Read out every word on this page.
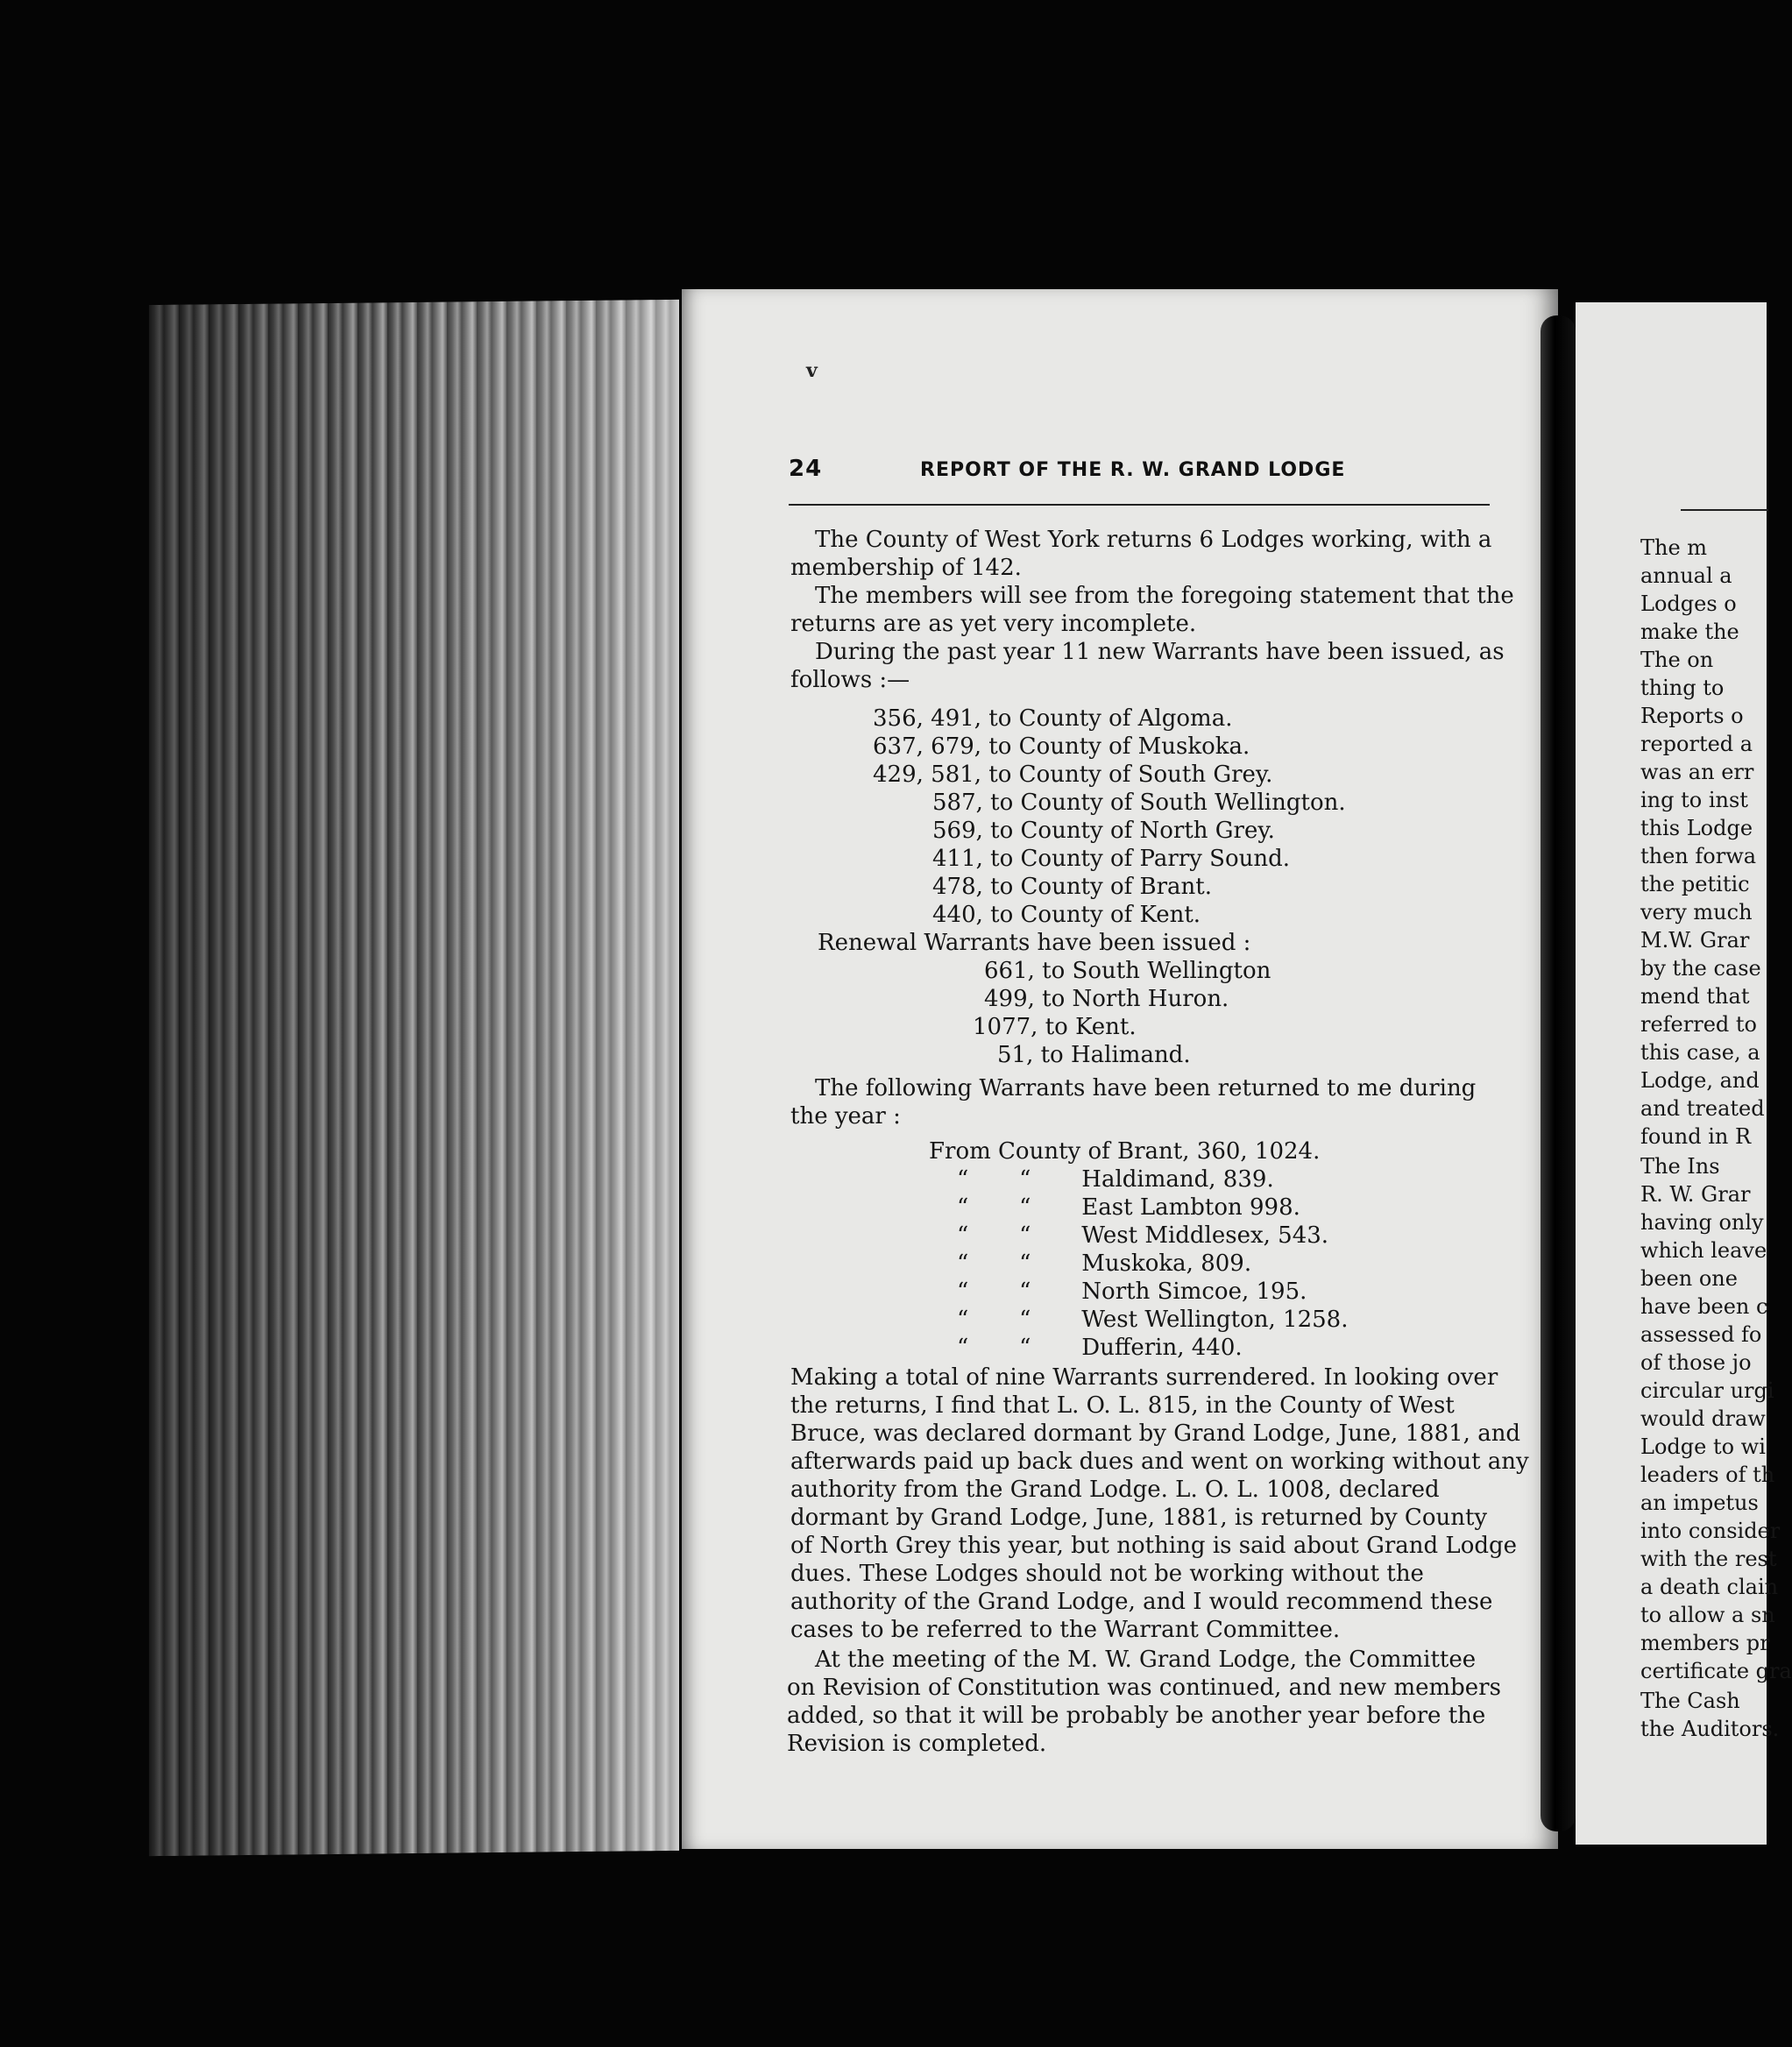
v
24	REPORT OF THE R. W. GRAND LODGE
The County of West York returns 6 Lodges working, with a
membership of 142.
The members will see from the foregoing statement that the
returns are as yet very incomplete.
During the past year 11 new Warrants have been issued, as
follows :—
356, 491, to County of Algoma.
637, 679, to County of Muskoka.
429, 581, to County of South Grey.
587, to County of South Wellington.
569, to County of North Grey.
411, to County of Parry Sound.
478, to County of Brant.
440, to County of Kent.
Renewal Warrants have been issued :
661, to South Wellington
499, to North Huron.
1077, to Kent.
51, to Halimand.
The following Warrants have been returned to me during
the year :
From County of Brant, 360, 1024.
“       “       Haldimand, 839.
“       “       East Lambton 998.
“       “       West Middlesex, 543.
“       “       Muskoka, 809.
“       “       North Simcoe, 195.
“       “       West Wellington, 1258.
“       “       Dufferin, 440.
Making a total of nine Warrants surrendered. In looking over
the returns, I find that L. O. L. 815, in the County of West
Bruce, was declared dormant by Grand Lodge, June, 1881, and
afterwards paid up back dues and went on working without any
authority from the Grand Lodge. L. O. L. 1008, declared
dormant by Grand Lodge, June, 1881, is returned by County
of North Grey this year, but nothing is said about Grand Lodge
dues. These Lodges should not be working without the
authority of the Grand Lodge, and I would recommend these
cases to be referred to the Warrant Committee.
At the meeting of the M. W. Grand Lodge, the Committee
on Revision of Constitution was continued, and new members
added, so that it will be probably be another year before the
Revision is completed.
The m
annual a
Lodges o
make the
The on
thing to
Reports o
reported a
was an err
ing to inst
this Lodge
then forwa
the petitic
very much
M.W. Grar
by the case
mend that
referred to
this case, a
Lodge, and
and treated
found in R
The Ins
R. W. Grar
having only
which leave
been one
have been c
assessed fo
of those jo
circular urgi
would draw
Lodge to wi
leaders of th
an impetus
into consider
with the rest
a death clain
to allow a sn
members pr
certificate gra
The Cash
the Auditors.
